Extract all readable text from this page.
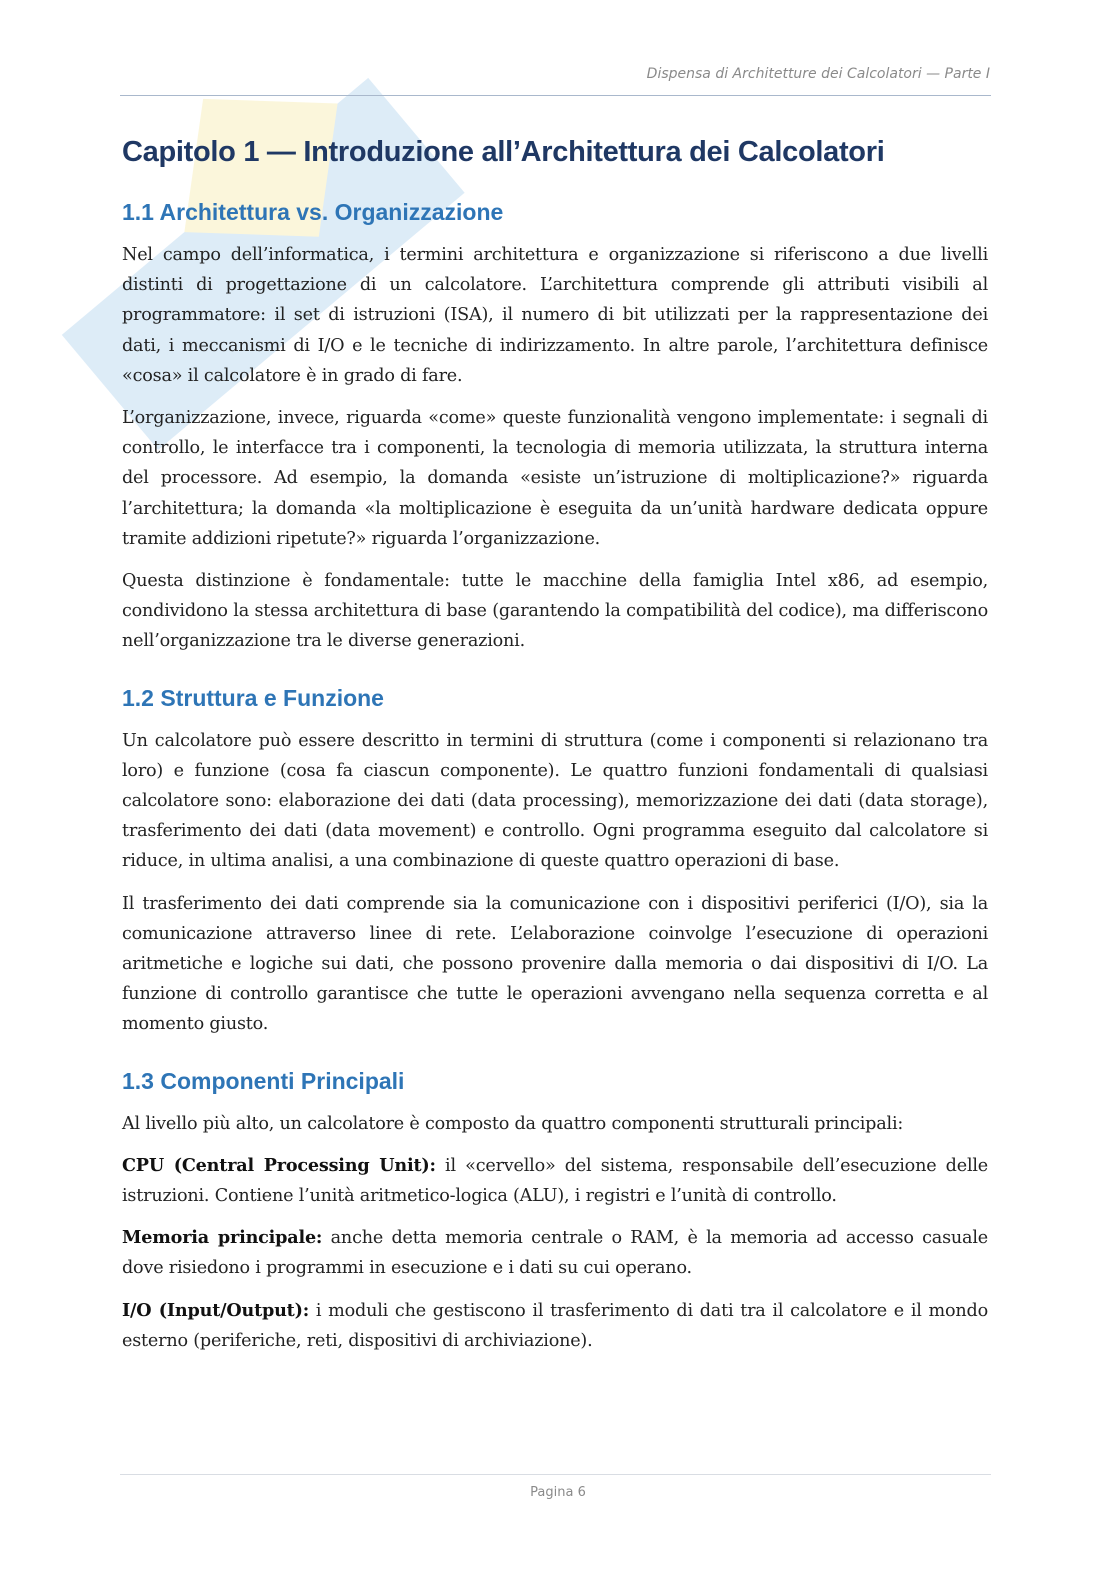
Dispensa di Architetture dei Calcolatori — Parte I
Capitolo 1 — Introduzione all’Architettura dei Calcolatori
1.1 Architettura vs. Organizzazione

Nel campo dell’informatica, i termini architettura e organizzazione si riferiscono a due livelli distinti di progettazione di un calcolatore. L’architettura comprende gli attributi visibili al programmatore: il set di istruzioni (ISA), il numero di bit utilizzati per la rappresentazione dei dati, i meccanismi di I/O e le tecniche di indirizzamento. In altre parole, l’architettura definisce «cosa» il calcolatore è in grado di fare.

L’organizzazione, invece, riguarda «come» queste funzionalità vengono implementate: i segnali di controllo, le interfacce tra i componenti, la tecnologia di memoria utilizzata, la struttura interna del processore. Ad esempio, la domanda «esiste un’istruzione di moltiplicazione?» riguarda l’architettura; la domanda «la moltiplicazione è eseguita da un’unità hardware dedicata oppure tramite addizioni ripetute?» riguarda l’organizzazione.

Questa distinzione è fondamentale: tutte le macchine della famiglia Intel x86, ad esempio, condividono la stessa architettura di base (garantendo la compatibilità del codice), ma differiscono nell’organizzazione tra le diverse generazioni.

1.2 Struttura e Funzione

Un calcolatore può essere descritto in termini di struttura (come i componenti si relazionano tra loro) e funzione (cosa fa ciascun componente). Le quattro funzioni fondamentali di qualsiasi calcolatore sono: elaborazione dei dati (data processing), memorizzazione dei dati (data storage), trasferimento dei dati (data movement) e controllo. Ogni programma eseguito dal calcolatore si riduce, in ultima analisi, a una combinazione di queste quattro operazioni di base.

Il trasferimento dei dati comprende sia la comunicazione con i dispositivi periferici (I/O), sia la comunicazione attraverso linee di rete. L’elaborazione coinvolge l’esecuzione di operazioni aritmetiche e logiche sui dati, che possono provenire dalla memoria o dai dispositivi di I/O. La funzione di controllo garantisce che tutte le operazioni avvengano nella sequenza corretta e al momento giusto.

1.3 Componenti Principali

Al livello più alto, un calcolatore è composto da quattro componenti strutturali principali:

CPU (Central Processing Unit): il «cervello» del sistema, responsabile dell’esecuzione delle istruzioni. Contiene l’unità aritmetico-logica (ALU), i registri e l’unità di controllo.

Memoria principale: anche detta memoria centrale o RAM, è la memoria ad accesso casuale dove risiedono i programmi in esecuzione e i dati su cui operano.

I/O (Input/Output): i moduli che gestiscono il trasferimento di dati tra il calcolatore e il mondo esterno (periferiche, reti, dispositivi di archiviazione).

Pagina 6
